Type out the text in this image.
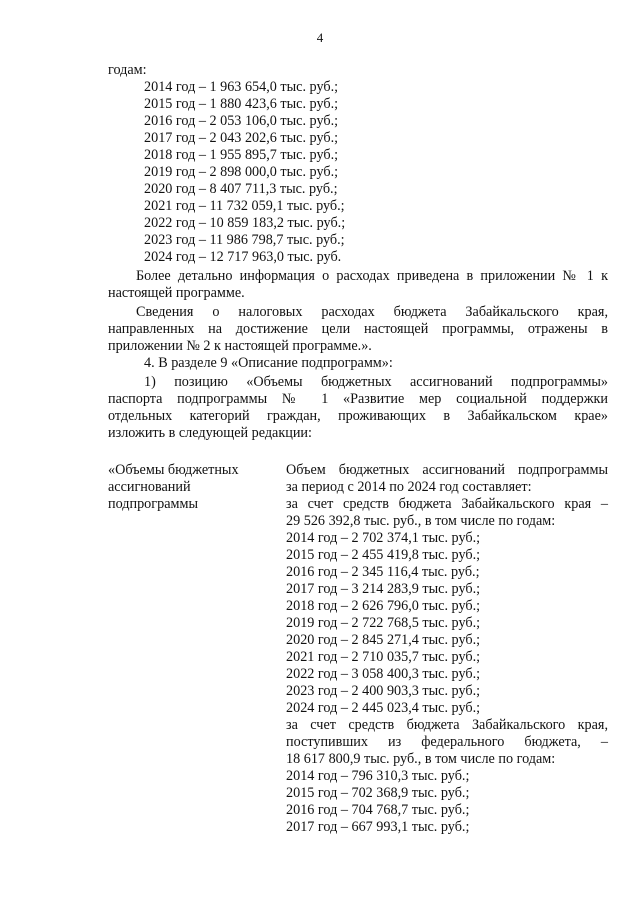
4
годам:
2014 год – 1 963 654,0 тыс. руб.;
2015 год – 1 880 423,6 тыс. руб.;
2016 год – 2 053 106,0 тыс. руб.;
2017 год – 2 043 202,6 тыс. руб.;
2018 год – 1 955 895,7 тыс. руб.;
2019 год – 2 898 000,0 тыс. руб.;
2020 год – 8 407 711,3 тыс. руб.;
2021 год – 11 732 059,1 тыс. руб.;
2022 год – 10 859 183,2 тыс. руб.;
2023 год – 11 986 798,7 тыс. руб.;
2024 год – 12 717 963,0 тыс. руб.
Более детально информация о расходах приведена в приложении № 1 к
настоящей программе.
Сведения о налоговых расходах бюджета Забайкальского края,
направленных на достижение цели настоящей программы, отражены в
приложении № 2 к настоящей программе.».
4. В разделе 9 «Описание подпрограмм»:
1) позицию «Объемы бюджетных ассигнований подпрограммы»
паспорта подпрограммы № 1 «Развитие мер социальной поддержки
отдельных категорий граждан, проживающих в Забайкальском крае»
изложить в следующей редакции:
«Объемы бюджетных
ассигнований
подпрограммы
Объем бюджетных ассигнований подпрограммы
за период с 2014 по 2024 год составляет:
за счет средств бюджета Забайкальского края –
29 526 392,8 тыс. руб., в том числе по годам:
2014 год – 2 702 374,1 тыс. руб.;
2015 год – 2 455 419,8 тыс. руб.;
2016 год – 2 345 116,4 тыс. руб.;
2017 год – 3 214 283,9 тыс. руб.;
2018 год – 2 626 796,0 тыс. руб.;
2019 год – 2 722 768,5 тыс. руб.;
2020 год – 2 845 271,4 тыс. руб.;
2021 год – 2 710 035,7 тыс. руб.;
2022 год – 3 058 400,3 тыс. руб.;
2023 год – 2 400 903,3 тыс. руб.;
2024 год – 2 445 023,4 тыс. руб.;
за счет средств бюджета Забайкальского края,
поступивших из федерального бюджета, –
18 617 800,9 тыс. руб., в том числе по годам:
2014 год – 796 310,3 тыс. руб.;
2015 год – 702 368,9 тыс. руб.;
2016 год – 704 768,7 тыс. руб.;
2017 год – 667 993,1 тыс. руб.;
